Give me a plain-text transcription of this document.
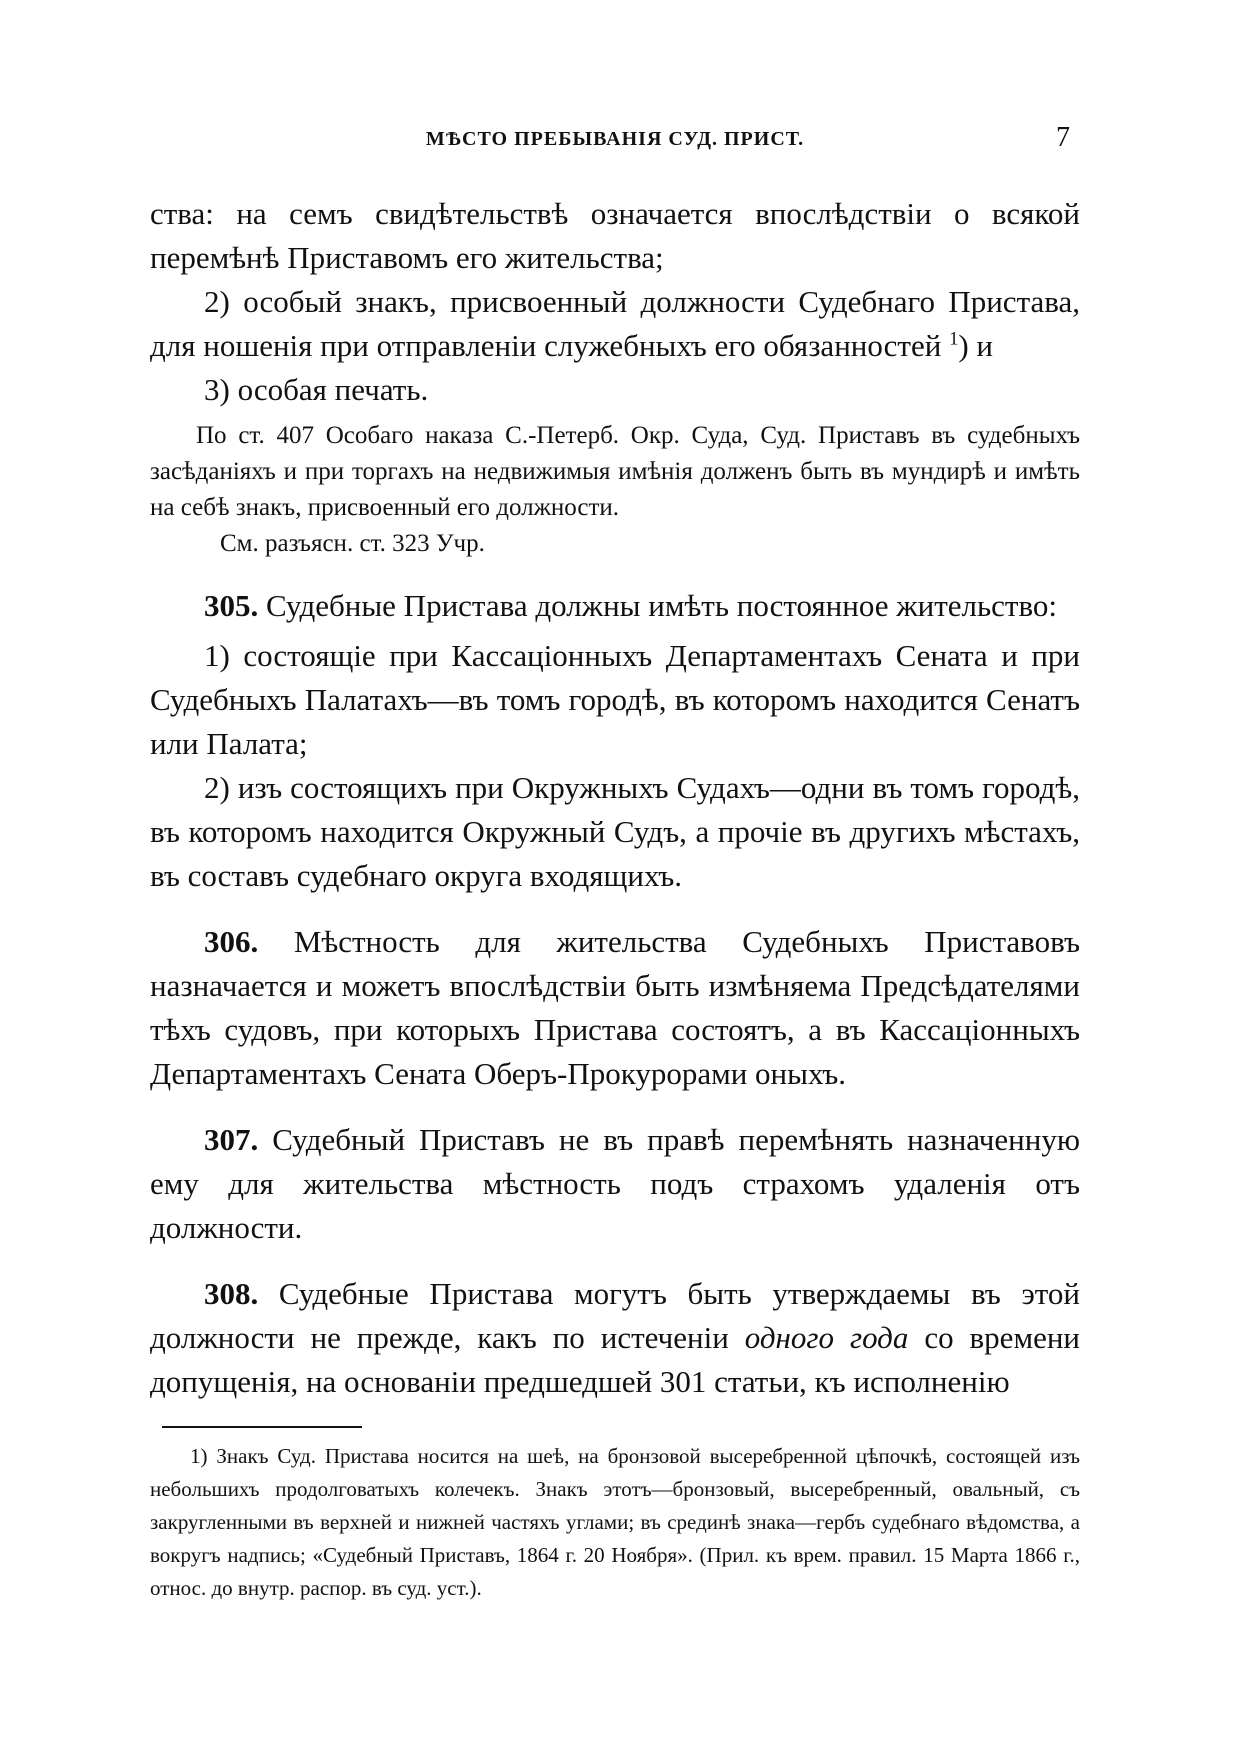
МѢСТО ПРЕБЫВАНІЯ СУД. ПРИСТ.	7

ства: на семъ свидѣтельствѣ означается впослѣдствіи о всякой перемѣнѣ Приставомъ его жительства;

2) особый знакъ, присвоенный должности Судебнаго Пристава, для ношенія при отправленіи служебныхъ его обязанностей $^1$) и

3) особая печать.

По ст. 407 Особаго наказа С.-Петерб. Окр. Суда, Суд. Приставъ въ судебныхъ засѣданіяхъ и при торгахъ на недвижимыя имѣнія долженъ быть въ мундирѣ и имѣть на себѣ знакъ, присвоенный его должности.

См. разъясн. ст. 323 Учр.

305. Судебные Пристава должны имѣть постоянное жительство:

1) состоящіе при Кассаціонныхъ Департаментахъ Сената и при Судебныхъ Палатахъ—въ томъ городѣ, въ которомъ находится Сенатъ или Палата;

2) изъ состоящихъ при Окружныхъ Судахъ—одни въ томъ городѣ, въ которомъ находится Окружный Судъ, а прочіе въ другихъ мѣстахъ, въ составъ судебнаго округа входящихъ.

306. Мѣстность для жительства Судебныхъ Приставовъ назначается и можетъ впослѣдствіи быть измѣняема Предсѣдателями тѣхъ судовъ, при которыхъ Пристава состоятъ, а въ Кассаціонныхъ Департаментахъ Сената Оберъ-Прокурорами оныхъ.

307. Судебный Приставъ не въ правѣ перемѣнять назначенную ему для жительства мѣстность подъ страхомъ удаленія отъ должности.

308. Судебные Пристава могутъ быть утверждаемы въ этой должности не прежде, какъ по истеченіи одного года со времени допущенія, на основаніи предшедшей 301 статьи, къ исполненію

1) Знакъ Суд. Пристава носится на шеѣ, на бронзовой высеребренной цѣпочкѣ, состоящей изъ небольшихъ продолговатыхъ колечекъ. Знакъ этотъ—бронзовый, высеребренный, овальный, съ закругленными въ верхней и нижней частяхъ углами; въ срединѣ знака—гербъ судебнаго вѣдомства, а вокругъ надпись; «Судебный Приставъ, 1864 г. 20 Ноября». (Прил. къ врем. правил. 15 Марта 1866 г., относ. до внутр. распор. въ суд. уст.).
